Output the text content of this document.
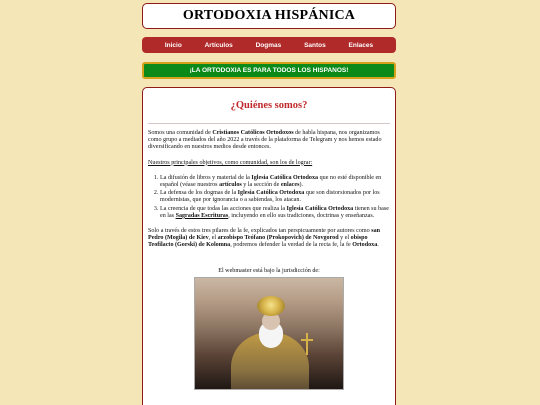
ORTODOXIA HISPÁNICA
Inicio	Artículos	Dogmas	Santos	Enlaces
¡LA ORTODOXIA ES PARA TODOS LOS HISPANOS!
¿Quiénes somos?

Somos una comunidad de Cristianos Católicos Ortodoxos de habla hispana, nos organizamos como grupo a mediados del año 2022 a través de la plataforma de Telegram y nos hemos estado diversificando en nuestros medios desde entonces.

Nuestros principales objetivos, como comunidad, son los de lograr:

1. La difusión de libros y material de la Iglesia Católica Ortodoxa que no esté disponible en español (véase nuestros artículos y la sección de enlaces).
2. La defensa de los dogmas de la Iglesia Católica Ortodoxa que son distorsionados por los modernistas, que por ignorancia o a sabiendas, los atacan.
3. La creencia de que todas las acciones que realiza la Iglesia Católica Ortodoxa tienen su base en las Sagradas Escrituras, incluyendo en ello sus tradiciones, doctrinas y enseñanzas.

Solo a través de estos tres pilares de la fe, explicados tan perspicuamente por autores como san Pedro (Mogila) de Kiev, el arzobispo Teófano (Prokopovich) de Novgorod y el obispo Teofilacto (Gorski) de Kolomna, podremos defender la verdad de la recta fe, la fe Ortodoxa.

El webmaster está bajo la jurisdicción de:
